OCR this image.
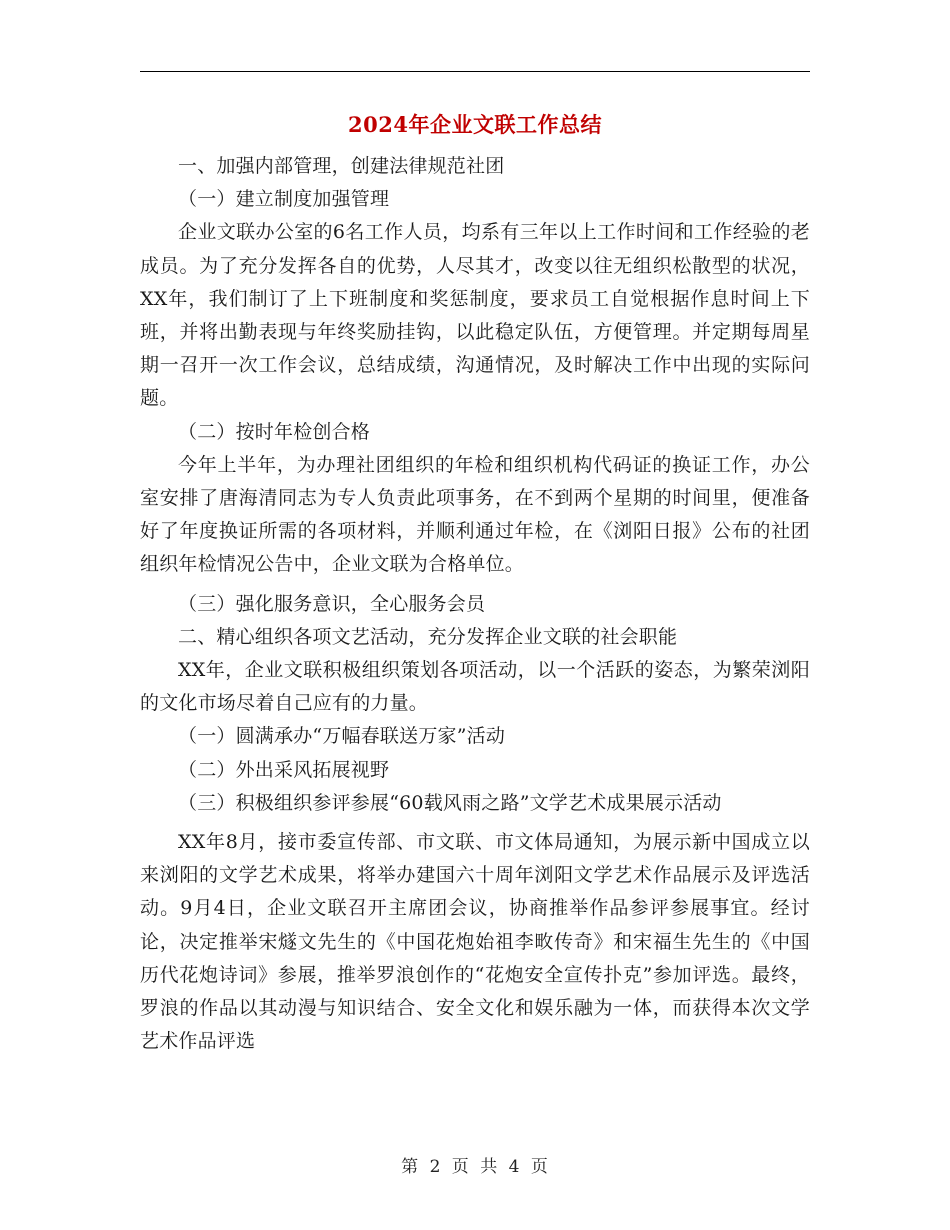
2024年企业文联工作总结

一、加强内部管理，创建法律规范社团

（一）建立制度加强管理

企业文联办公室的6名工作人员，均系有三年以上工作时间和工作经验的老成员。为了充分发挥各自的优势，人尽其才，改变以往无组织松散型的状况，XX年，我们制订了上下班制度和奖惩制度，要求员工自觉根据作息时间上下班，并将出勤表现与年终奖励挂钩，以此稳定队伍，方便管理。并定期每周星期一召开一次工作会议，总结成绩，沟通情况，及时解决工作中出现的实际问题。

（二）按时年检创合格

今年上半年，为办理社团组织的年检和组织机构代码证的换证工作，办公室安排了唐海清同志为专人负责此项事务，在不到两个星期的时间里，便准备好了年度换证所需的各项材料，并顺利通过年检，在《浏阳日报》公布的社团组织年检情况公告中，企业文联为合格单位。

（三）强化服务意识，全心服务会员

二、精心组织各项文艺活动，充分发挥企业文联的社会职能

XX年，企业文联积极组织策划各项活动，以一个活跃的姿态，为繁荣浏阳的文化市场尽着自己应有的力量。

（一）圆满承办“万幅春联送万家”活动

（二）外出采风拓展视野

（三）积极组织参评参展“60载风雨之路”文学艺术成果展示活动

XX年8月，接市委宣传部、市文联、市文体局通知，为展示新中国成立以来浏阳的文学艺术成果，将举办建国六十周年浏阳文学艺术作品展示及评选活动。9月4日，企业文联召开主席团会议，协商推举作品参评参展事宜。经讨论，决定推举宋燧文先生的《中国花炮始祖李畋传奇》和宋福生先生的《中国历代花炮诗词》参展，推举罗浪创作的“花炮安全宣传扑克”参加评选。最终，罗浪的作品以其动漫与知识结合、安全文化和娱乐融为一体，而获得本次文学艺术作品评选

第 2 页 共 4 页
